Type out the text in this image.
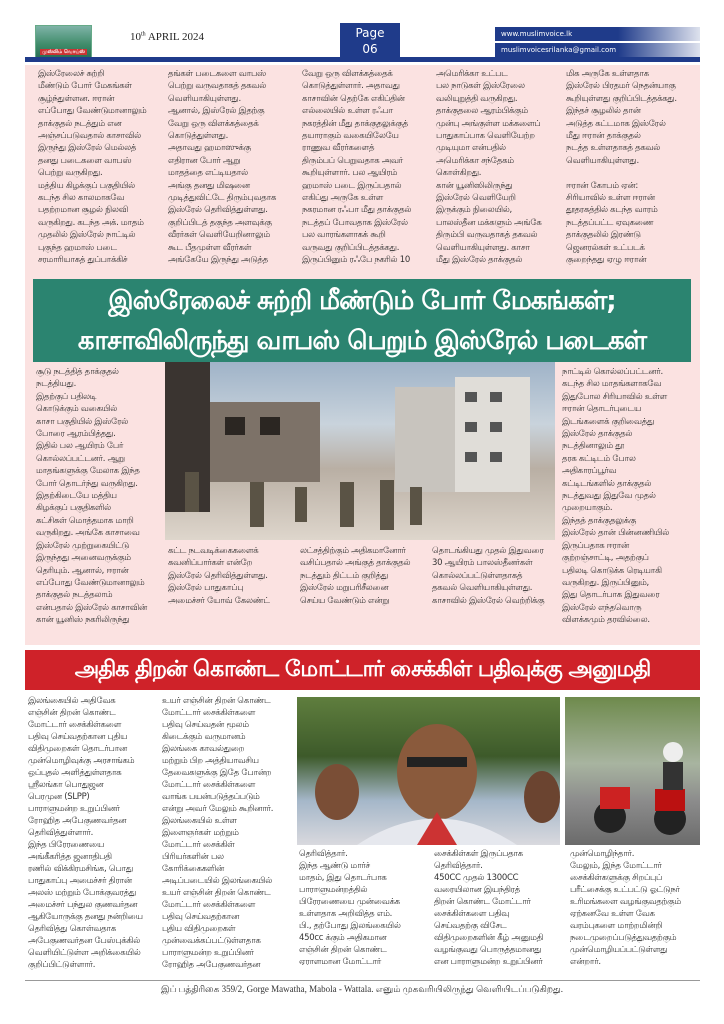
முஸ்லிம் வொய்ஸ்
10th APRIL 2024	Page
06
www.muslimvoice.lk
muslimvoicesrilanka@gmail.com
இஸ்ரேலைச் சுற்றி
மீண்டும் போர் மேகங்கள்
சூழ்ந்துள்ளன. ஈரான்
எப்போது வேண்டுமானாலும்
தாக்குதல் நடத்தும் என
அஞ்சப்படுவதால் காசாவில்
இருந்து இஸ்ரேல் மெல்லத்
தனது படைகளை வாபஸ்
பெற்று வருகிறது.
மத்திய கிழக்குப் பகுதியில்
கடந்த சில காலமாகவே
பதற்றமான சூழல் நிலவி
வருகிறது. கடந்த அக். மாதம்
முதலில் இஸ்ரேல் நாட்டில்
புகுந்த ஹமாஸ் படை
சரமாரியாகத் துப்பாக்கிச்
தங்கள் படைகளை வாபஸ்
பெற்று வருவதாகத் தகவல்
வெளியாகியுள்ளது.
ஆனால், இஸ்ரேல் இதற்கு
வேறு ஒரு விளக்கத்தைக்
கொடுத்துள்ளது.
அதாவது ஹமாஸுக்கு
எதிரான போர் ஆறு
மாதத்தை எட்டியதால்
அங்கு தனது மிஷனை
முடித்துவிட்டே திரும்புவதாக
இஸ்ரேல் தெரிவித்துள்ளது.
குறிப்பிடத் தகுந்த அளவுக்கு
வீரர்கள் வெளியேறினாலும்
கூட பீதமுள்ள வீரர்கள்
அங்கேயே இருந்து அடுத்த
வேறு ஒரு விளக்கத்தைக்
கொடுத்துள்ளார். அதாவது
காசாவின் தெற்கே எகிப்தின்
எல்லையில் உள்ள ரஃபா
நகரத்தின் மீது தாக்குதலுக்குத்
தயாராகும் வகையிலேயே
ராணுவ வீரர்களைத்
திரும்பப் பெறுவதாக அவர்
கூறியுள்ளார். பல ஆயிரம்
ஹமாஸ் படை இருப்பதால்
எகிப்து அருகே உள்ள
நகரமான ரஃபா மீது தாக்குதல்
நடத்தப் போவதாக இஸ்ரேல்
பல வாரங்களாகக் கூறி
வருவது குறிப்பிடத்தக்கது.
இருப்பினும் ரஃபே நகரில் 10
அமெரிக்கா உட்பட
பல நாடுகள் இஸ்ரேலை
வலியுறுத்தி வருகிறது.
தாக்குதலை ஆரம்பிக்கும்
முன்பு அங்குள்ள மக்களைப்
பாதுகாப்பாக வெளியேற்ற
முடியுமா என்பதில்
அமெரிக்கா சந்தேகம்
கொள்கிறது.
கான் யூனிஸிலிருந்து
இஸ்ரேல் வெளியேறி
இருக்கும் நிலையில்,
பாலஸ்தீன மக்களும் அங்கே
திரும்பி வருவதாகத் தகவல்
வெளியாகியுள்ளது. காசா
மீது இஸ்ரேல் தாக்குதல்
மிக அருகே உள்ளதாக
இஸ்ரேல் பிரதமர் நெதன்யாகு
கூறியுள்ளது குறிப்பிடத்தக்கது.
இந்தச் சூழலில் தான்
அடுத்த கட்டமாக இஸ்ரேல்
மீது ஈரான் தாக்குதல்
நடத்த உள்ளதாகத் தகவல்
வெளியாகியுள்ளது.

ஈரான் கோபம் ஏன்:
சிரியாவில் உள்ள ஈரான்
தூதரகத்தில் கடந்த வாரம்
நடத்தப்பட்ட ஏவுகணை
தாக்குதலில் இரண்டு
ஜெனரல்கள் உட்படக்
குறைந்தது ஏழு ஈரான்
இஸ்ரேலைச் சுற்றி மீண்டும் போர் மேகங்கள்;
காசாவிலிருந்து வாபஸ் பெறும் இஸ்ரேல் படைகள்
சூடு நடத்தித் தாக்குதல்
நடத்தியது.
இதற்குப் பதிலடி
கொடுக்கும் வகையில்
காசா பகுதியில் இஸ்ரேல்
போரை ஆரம்பித்தது.
இதில் பல ஆயிரம் பேர்
கொல்லப்பட்டனர். ஆறு
மாதங்களுக்கு மேலாக இந்த
போர் தொடர்ந்து வருகிறது.
இதற்கிடையே மத்திய
கிழக்குப் பகுதிகளில்
கட்சிகள் மொத்தமாக மாறி
வருகிறது. அங்கே காசாவை
இஸ்ரேல் முற்றுகையிட்டு
இருந்தது அனைவருக்கும்
தெரியும். ஆனால், ஈரான்
எப்போது வேண்டுமானாலும்
தாக்குதல் நடத்தலாம்
என்பதால் இஸ்ரேல் காசாவின்
கான் யூனிஸ் நகரிலிருந்து
நாட்டில் கொல்லப்பட்டனர்.
கடந்த சில மாதங்களாகவே
இதுபோல சிரியாவில் உள்ள
ஈரான் தொடர்புடைய
இடங்களைக் குறிவைத்து
இஸ்ரேல் தாக்குதல்
நடத்தினாலும் தூ
தரக கட்டிடம் போல
அதிகாரப்பூர்வ
கட்டிடங்களில் தாக்குதல்
நடத்துவது இதுவே முதல்
முறையாகும்.
இந்தத் தாக்குதலுக்கு
இஸ்ரேல் தான் பின்னணியில்
இருப்பதாக ஈரான்
குற்றஞ்சாட்டி, அதற்குப்
பதிலடி கொடுக்க ரெடியாகி
வருகிறது. இருப்பினும்,
இது தொடர்பாக இதுவரை
இஸ்ரேல் எந்தவொரு
விளக்கமும் தரவில்லை.
கட்ட நடவடிக்கைகளைக்
கவனிப்பார்கள் என்றே
இஸ்ரேல் தெரிவித்துள்ளது.
இஸ்ரேல் பாதுகாப்பு
அமைச்சர் யோவ் கேலண்ட்
லட்சத்திற்கும் அதிகமானோர்
வசிப்பதால் அங்குத் தாக்குதல்
நடத்தும் திட்டம் குறித்து
இஸ்ரேல் மறுபரிசீலனை
செய்ய வேண்டும் என்று
தொடங்கியது முதல் இதுவரை
30 ஆயிரம் பாலஸ்தீனர்கள்
கொல்லப்பட்டுள்ளதாகத்
தகவல் வெளியாகியுள்ளது.
காசாவில் இஸ்ரேல் வெற்றிக்கு
அதிக திறன் கொண்ட மோட்டார் சைக்கிள் பதிவுக்கு அனுமதி
இலங்கையில் அதிவேக
எஞ்சின் திறன் கொண்ட
மோட்டார் சைக்கிள்களை
பதிவு செய்வதற்கான புதிய
விதிமுறைகள் தொடர்பான
முன்மொழிவுக்கு அரசாங்கம்
ஒப்புதல் அளித்துள்ளதாக
ஸ்ரீலங்கா பொதுஜன
பெரமுன (SLPP)
பாராளுமன்ற உறுப்பினர்
ரோஹித அபேகுணவர்தன
தெரிவித்துள்ளார்.
இந்த பிரேரணையை
அங்கீகரித்த ஜனாதிபதி
ரணில் விக்கிரமசிங்க, பொது
பாதுகாப்பு அமைச்சர் திரான்
அலஸ் மற்றும் போக்குவரத்து
அமைச்சர் பந்துல குணவர்தன
ஆகியோருக்கு தனது நன்றியை
தெரிவித்து கொள்வதாக
அபேகுணவர்தன பேஸ்புக்கில்
வெளியிட்டுள்ள அறிக்கையில்
குறிப்பிட்டுள்ளார்.
உயர் எஞ்சின் திறன் கொண்ட
மோட்டார் சைக்கிள்களை
பதிவு செய்வதன் மூலம்
கிடைக்கும் வருமானம்
இலங்கை காவல்துறை
மற்றும் பிற அத்தியாவசிய
தேவைகளுக்கு இதே போன்ற
மோட்டார் சைக்கிள்களை
வாங்க பயன்படுத்தப்படும்
என்று அவர் மேலும் கூறினார்.
இலங்கையில் உள்ள
இளைஞர்கள் மற்றும்
மோட்டார் சைக்கிள்
பிரியர்களின் பல
கோரிக்கைகளின்
அடிப்படையில் இலங்கையில்
உயர் எஞ்சின் திறன் கொண்ட
மோட்டார் சைக்கிள்களை
பதிவு செய்வதற்கான
புதிய விதிமுறைகள்
முன்வைக்கப்பட்டுள்ளதாக
பாராளுமன்ற உறுப்பினர்
ரோஹித அபேகுணவர்தன
தெரிவித்தார்.
இந்த ஆண்டு மார்ச்
மாதம், இது தொடர்பாக
பாராளுமன்றத்தில்
பிரேரணையை முன்வைக்க
உள்ளதாக அறிவித்த எம்.
பி., தற்போது இலங்கையில்
450cc க்கும் அதிகமான
எஞ்சின் திறன் கொண்ட
ஏராளமான மோட்டார்
சைக்கிள்கள் இருப்பதாக
தெரிவித்தார்.
450CC முதல் 1300CC
வரையிலான இயந்திரத்
திறன் கொண்ட மோட்டார்
சைக்கிள்களை பதிவு
செய்வதற்கு விசேட
விதிமுறைகளின் கீழ் அனுமதி
வழங்குவது பொருத்தமானது
என பாராளுமன்ற உறுப்பினர்
முன்மொழிந்தார்.
மேலும், இந்த மோட்டார்
சைக்கிள்களுக்கு சிறப்புப்
பரீட்சைக்கு உட்பட்டு ஓட்டுநர்
உரிமங்களை வழங்குவதற்கும்
ஏற்கனவே உள்ள வேக
வரம்புகளை மாற்றமின்றி
நடைமுறைப்படுத்துவதற்கும்
முன்மொழியப்பட்டுள்ளது
என்றார்.
இப் பத்திரிகை 359/2, Gorge Mawatha, Mabola - Wattala. எனும் முகவரியிலிருந்து வெளியிடப்படுகிறது.
